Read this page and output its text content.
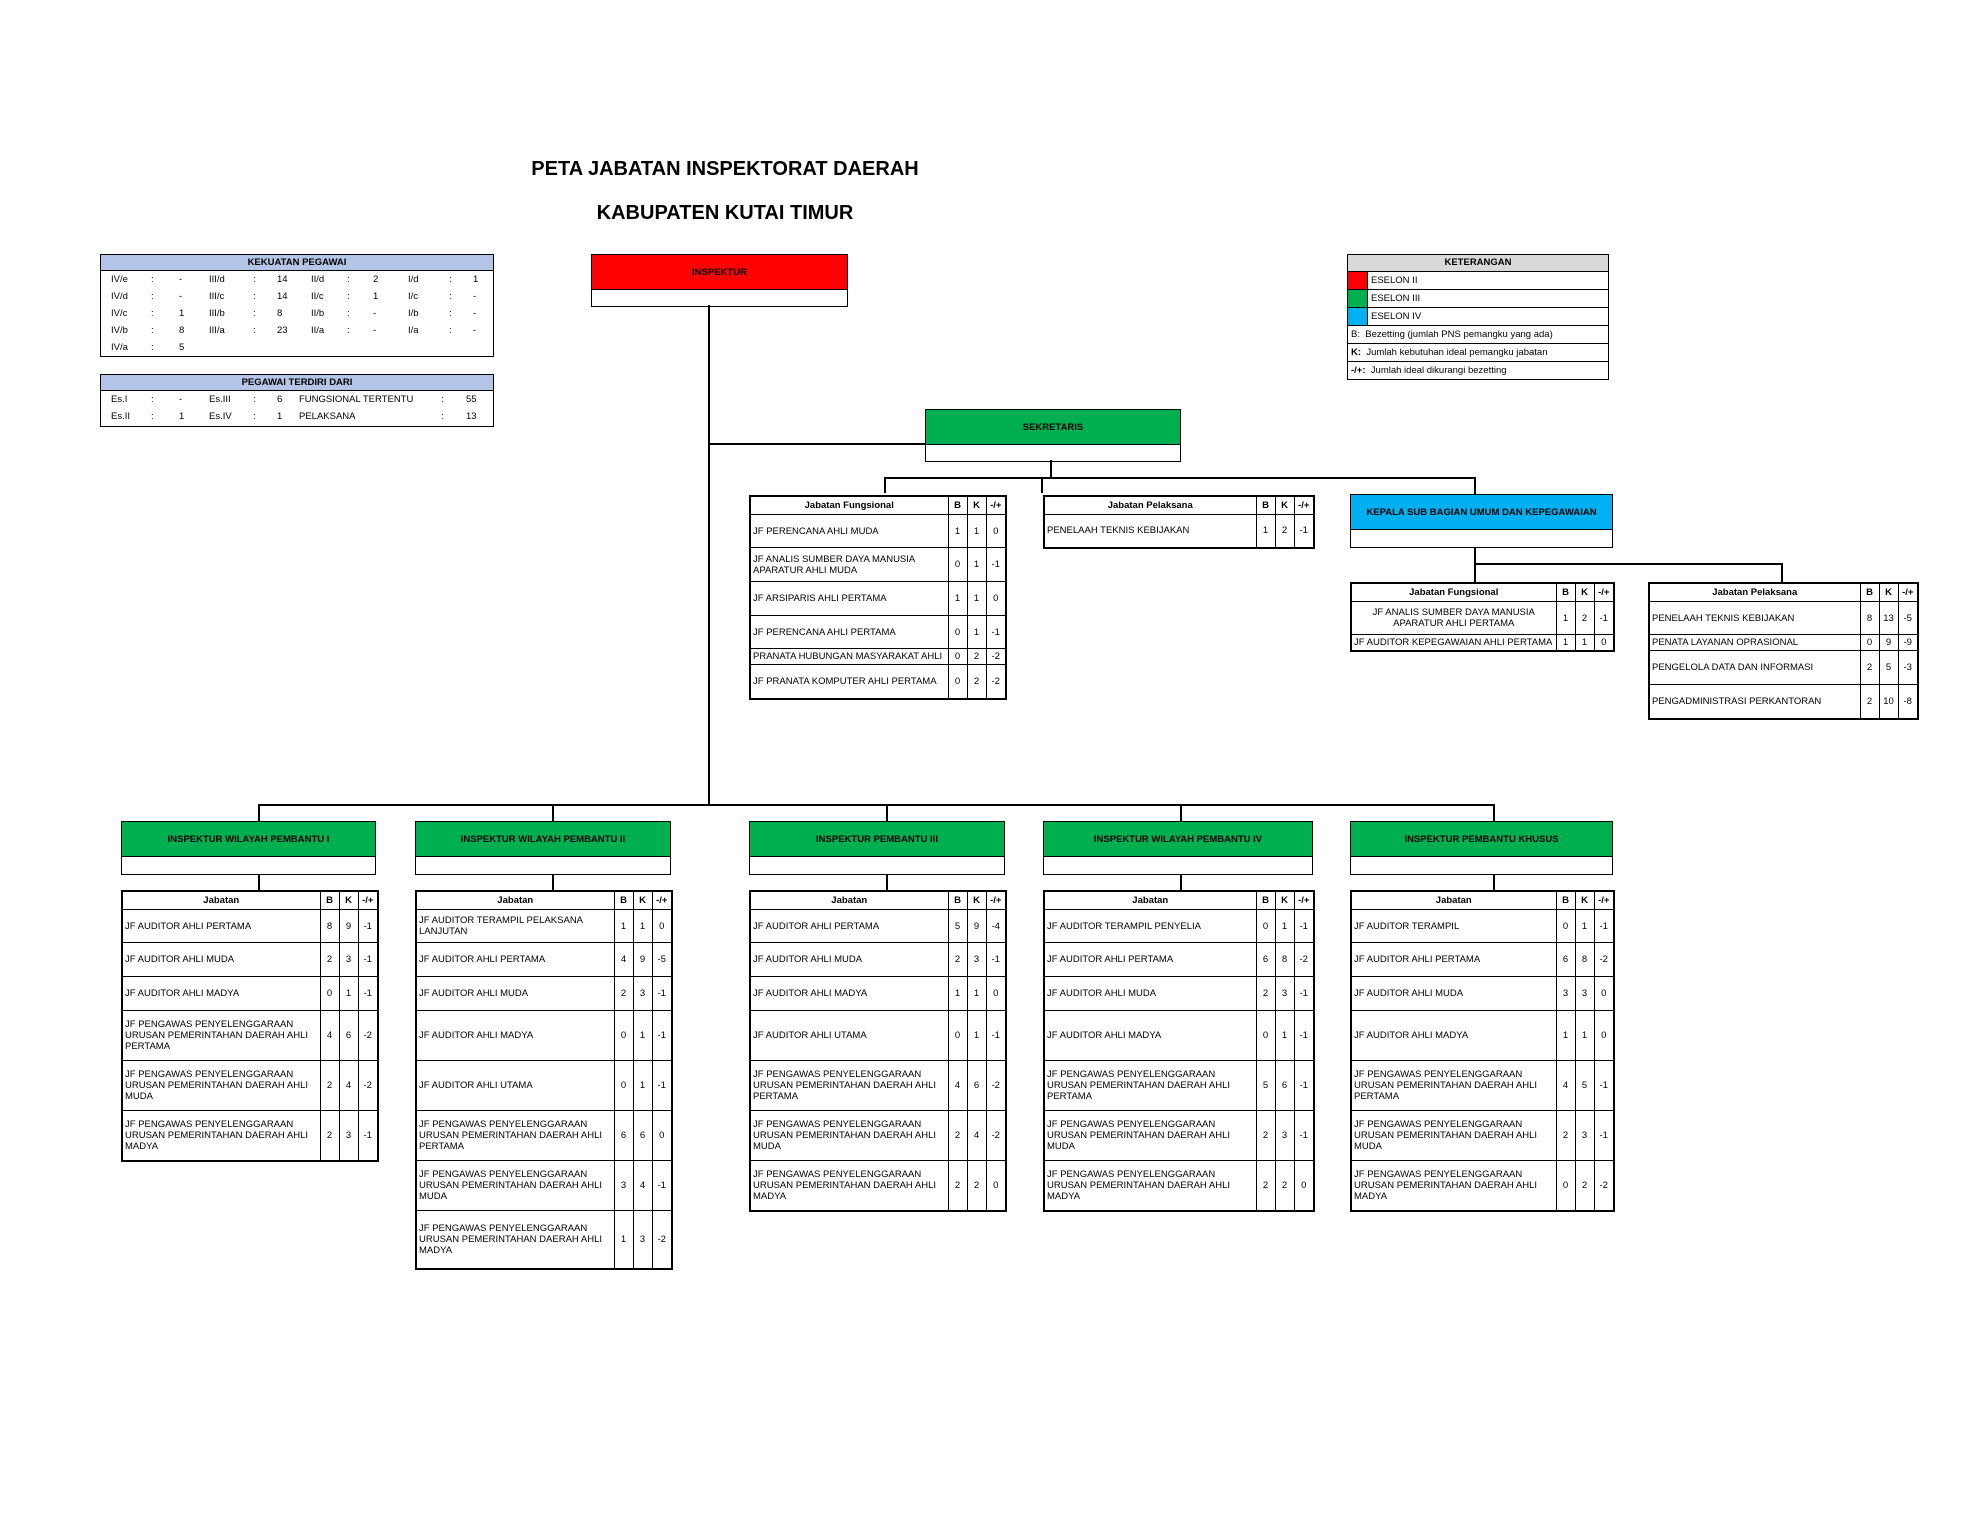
PETA JABATAN INSPEKTORAT DAERAH
KABUPATEN KUTAI TIMUR
KEKUATAN PEGAWAI
IV/e :	-	III/d	: 14 II/d : 2	I/d	: 1
IV/d :	-	III/c	: 14 II/c : 1	I/c	: -
IV/c :	1	III/b	: 8	II/b : -	I/b	: -
IV/b :	8	III/a	: 23 II/a : -	I/a	: -
IV/a :	5
PEGAWAI TERDIRI DARI
Es.I :	-	Es.III : 6 FUNGSIONAL TERTENTU	: 55
Es.II :	1	Es.IV : 1 PELAKSANA	: 13
KETERANGAN
ESELON II
ESELON III
ESELON IV
B: Bezetting (jumlah PNS pemangku yang ada)
K: Jumlah kebutuhan ideal pemangku jabatan
-/+: Jumlah ideal dikurangi bezetting
INSPEKTUR
SEKRETARIS
KEPALA SUB BAGIAN UMUM DAN KEPEGAWAIAN
INSPEKTUR WILAYAH PEMBANTU I	INSPEKTUR WILAYAH PEMBANTU II	INSPEKTUR PEMBANTU III	INSPEKTUR WILAYAH PEMBANTU IV	INSPEKTUR PEMBANTU KHUSUS
Jabatan Fungsional	B	K	-/+
JF PERENCANA AHLI MUDA	1	1	0
JF ANALIS SUMBER DAYA MANUSIA APARATUR AHLI MUDA	0	1	-1
JF ARSIPARIS AHLI PERTAMA	1	1	0
JF PERENCANA AHLI PERTAMA	0	1	-1
PRANATA HUBUNGAN MASYARAKAT AHLI	0	2	-2
JF PRANATA KOMPUTER AHLI PERTAMA	0	2	-2
Jabatan Pelaksana	B	K	-/+
PENELAAH TEKNIS KEBIJAKAN	1	2	-1
Jabatan Fungsional	B	K	-/+
JF ANALIS SUMBER DAYA MANUSIA APARATUR AHLI PERTAMA	1	2	-1
JF AUDITOR KEPEGAWAIAN AHLI PERTAMA	1	1	0
Jabatan Pelaksana	B	K	-/+
PENELAAH TEKNIS KEBIJAKAN	8	13	-5
PENATA LAYANAN OPRASIONAL	0	9	-9
PENGELOLA DATA DAN INFORMASI	2	5	-3
PENGADMINISTRASI PERKANTORAN	2	10	-8
Jabatan	B	K	-/+
JF AUDITOR AHLI PERTAMA	8	9	-1
JF AUDITOR AHLI MUDA	2	3	-1
JF AUDITOR AHLI MADYA	0	1	-1
JF PENGAWAS PENYELENGGARAAN URUSAN PEMERINTAHAN DAERAH AHLI PERTAMA	4	6	-2
JF PENGAWAS PENYELENGGARAAN URUSAN PEMERINTAHAN DAERAH AHLI MUDA	2	4	-2
JF PENGAWAS PENYELENGGARAAN URUSAN PEMERINTAHAN DAERAH AHLI MADYA	2	3	-1
Jabatan	B	K	-/+
JF AUDITOR TERAMPIL PELAKSANA LANJUTAN	1	1	0
JF AUDITOR AHLI PERTAMA	4	9	-5
JF AUDITOR AHLI MUDA	2	3	-1
JF AUDITOR AHLI MADYA	0	1	-1
JF AUDITOR AHLI UTAMA	0	1	-1
JF PENGAWAS PENYELENGGARAAN URUSAN PEMERINTAHAN DAERAH AHLI PERTAMA	6	6	0
JF PENGAWAS PENYELENGGARAAN URUSAN PEMERINTAHAN DAERAH AHLI MUDA	3	4	-1
JF PENGAWAS PENYELENGGARAAN URUSAN PEMERINTAHAN DAERAH AHLI MADYA	1	3	-2
Jabatan	B	K	-/+
JF AUDITOR AHLI PERTAMA	5	9	-4
JF AUDITOR AHLI MUDA	2	3	-1
JF AUDITOR AHLI MADYA	1	1	0
JF AUDITOR AHLI UTAMA	0	1	-1
JF PENGAWAS PENYELENGGARAAN URUSAN PEMERINTAHAN DAERAH AHLI PERTAMA	4	6	-2
JF PENGAWAS PENYELENGGARAAN URUSAN PEMERINTAHAN DAERAH AHLI MUDA	2	4	-2
JF PENGAWAS PENYELENGGARAAN URUSAN PEMERINTAHAN DAERAH AHLI MADYA	2	2	0
Jabatan	B	K	-/+
JF AUDITOR TERAMPIL PENYELIA	0	1	-1
JF AUDITOR AHLI PERTAMA	6	8	-2
JF AUDITOR AHLI MUDA	2	3	-1
JF AUDITOR AHLI MADYA	0	1	-1
JF PENGAWAS PENYELENGGARAAN URUSAN PEMERINTAHAN DAERAH AHLI PERTAMA	5	6	-1
JF PENGAWAS PENYELENGGARAAN URUSAN PEMERINTAHAN DAERAH AHLI MUDA	2	3	-1
JF PENGAWAS PENYELENGGARAAN URUSAN PEMERINTAHAN DAERAH AHLI MADYA	2	2	0
Jabatan	B	K	-/+
JF AUDITOR TERAMPIL	0	1	-1
JF AUDITOR AHLI PERTAMA	6	8	-2
JF AUDITOR AHLI MUDA	3	3	0
JF AUDITOR AHLI MADYA	1	1	0
JF PENGAWAS PENYELENGGARAAN URUSAN PEMERINTAHAN DAERAH AHLI PERTAMA	4	5	-1
JF PENGAWAS PENYELENGGARAAN URUSAN PEMERINTAHAN DAERAH AHLI MUDA	2	3	-1
JF PENGAWAS PENYELENGGARAAN URUSAN PEMERINTAHAN DAERAH AHLI MADYA	0	2	-2
